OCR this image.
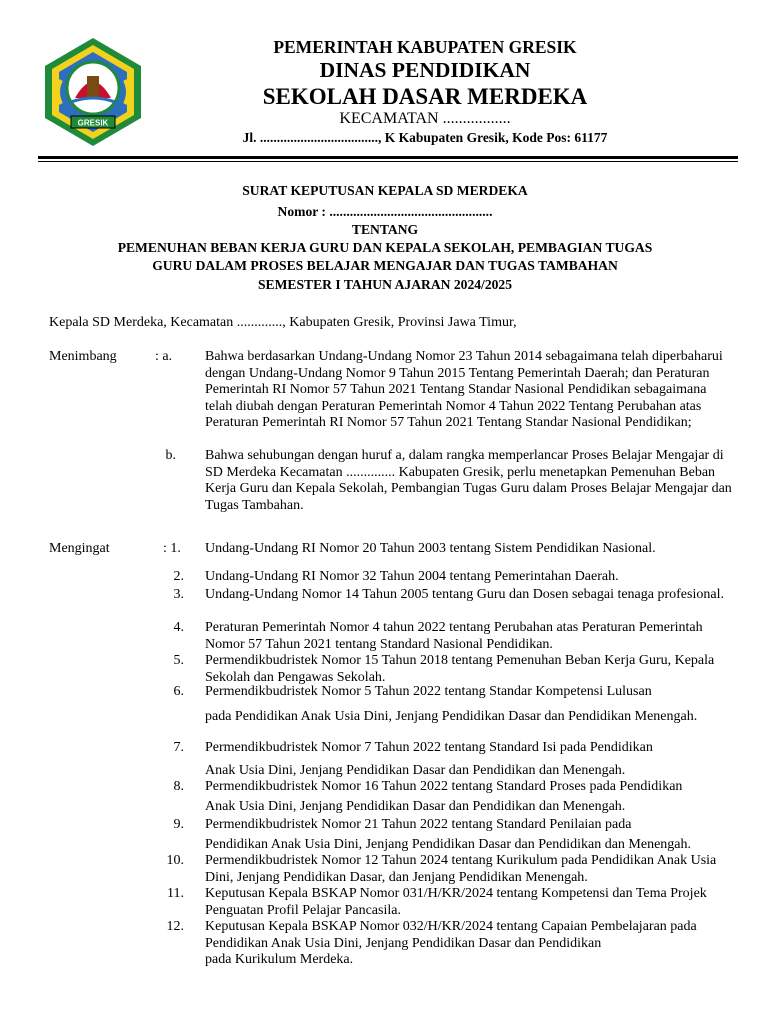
GRESIK
PEMERINTAH KABUPATEN GRESIK
DINAS PENDIDIKAN
SEKOLAH DASAR MERDEKA
KECAMATAN .................
Jl. ..................................., K Kabupaten Gresik, Kode Pos: 61177
SURAT KEPUTUSAN KEPALA SD MERDEKA
Nomor : ................................................
TENTANG
PEMENUHAN BEBAN KERJA GURU DAN KEPALA SEKOLAH, PEMBAGIAN TUGAS
GURU DALAM PROSES BELAJAR MENGAJAR DAN TUGAS TAMBAHAN
SEMESTER I TAHUN AJARAN 2024/2025
Kepala SD Merdeka, Kecamatan ............., Kabupaten Gresik, Provinsi Jawa Timur,
Menimbang	: a. Bahwa berdasarkan Undang-Undang Nomor 23 Tahun 2014 sebagaimana telah diperbaharui dengan Undang-Undang Nomor 9 Tahun 2015 Tentang Pemerintah Daerah; dan Peraturan Pemerintah RI Nomor 57 Tahun 2021 Tentang Standar Nasional Pendidikan sebagaimana telah diubah dengan Peraturan Pemerintah Nomor 4 Tahun 2022 Tentang Perubahan atas Peraturan Pemerintah RI Nomor 57 Tahun 2021 Tentang Standar Nasional Pendidikan;
b. Bahwa sehubungan dengan huruf a, dalam rangka memperlancar Proses Belajar Mengajar di SD Merdeka Kecamatan .............. Kabupaten Gresik, perlu menetapkan Pemenuhan Beban Kerja Guru dan Kepala Sekolah, Pembangian Tugas Guru dalam Proses Belajar Mengajar dan Tugas Tambahan.
Mengingat	: 1. Undang-Undang RI Nomor 20 Tahun 2003 tentang Sistem Pendidikan Nasional.
2. Undang-Undang RI Nomor 32 Tahun 2004 tentang Pemerintahan Daerah.
3. Undang-Undang Nomor 14 Tahun 2005 tentang Guru dan Dosen sebagai tenaga profesional.
4. Peraturan Pemerintah Nomor 4 tahun 2022 tentang Perubahan atas Peraturan Pemerintah Nomor 57 Tahun 2021 tentang Standard Nasional Pendidikan.
5. Permendikbudristek Nomor 15 Tahun 2018 tentang Pemenuhan Beban Kerja Guru, Kepala Sekolah dan Pengawas Sekolah.
6. Permendikbudristek Nomor 5 Tahun 2022 tentang Standar Kompetensi Lulusan
pada Pendidikan Anak Usia Dini, Jenjang Pendidikan Dasar dan Pendidikan Menengah.
7. Permendikbudristek Nomor 7 Tahun 2022 tentang Standard Isi pada Pendidikan
Anak Usia Dini, Jenjang Pendidikan Dasar dan Pendidikan dan Menengah.
8. Permendikbudristek Nomor 16 Tahun 2022 tentang Standard Proses pada Pendidikan
Anak Usia Dini, Jenjang Pendidikan Dasar dan Pendidikan dan Menengah.
9. Permendikbudristek Nomor 21 Tahun 2022 tentang Standard Penilaian pada
Pendidikan Anak Usia Dini, Jenjang Pendidikan Dasar dan Pendidikan dan Menengah.
10. Permendikbudristek Nomor 12 Tahun 2024 tentang Kurikulum pada Pendidikan Anak Usia Dini, Jenjang Pendidikan Dasar, dan Jenjang Pendidikan Menengah.
11. Keputusan Kepala BSKAP Nomor 031/H/KR/2024 tentang Kompetensi dan Tema Projek Penguatan Profil Pelajar Pancasila.
12. Keputusan Kepala BSKAP Nomor 032/H/KR/2024 tentang Capaian Pembelajaran pada Pendidikan Anak Usia Dini, Jenjang Pendidikan Dasar dan Pendidikan
pada Kurikulum Merdeka.
